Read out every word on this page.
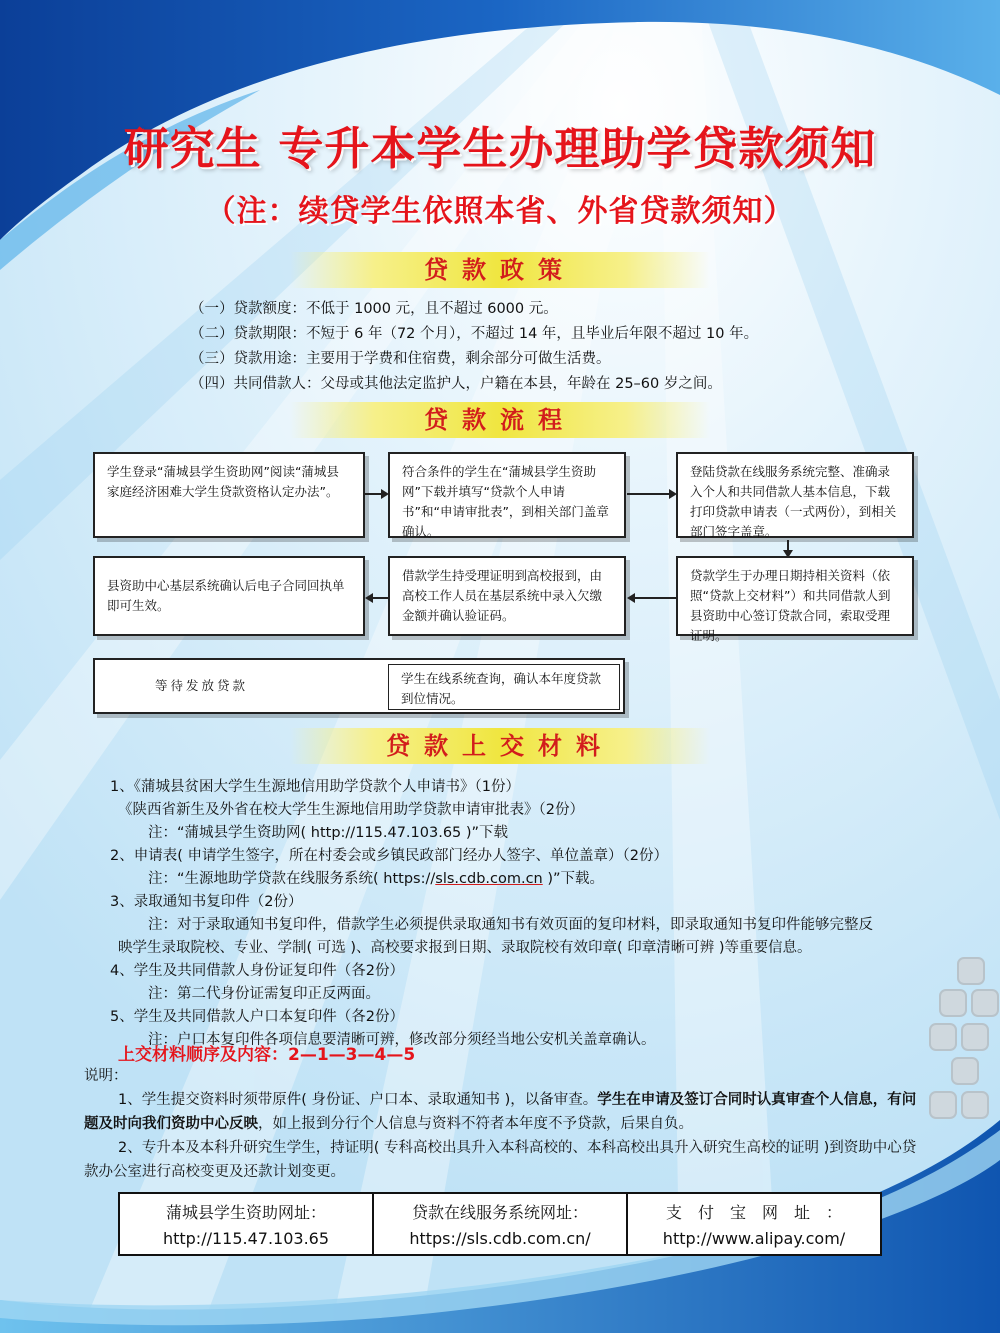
研究生 专升本学生办理助学贷款须知
（注：续贷学生依照本省、外省贷款须知）
贷款政策
（一）贷款额度：不低于 1000 元，且不超过 6000 元。
（二）贷款期限：不短于 6 年（72 个月），不超过 14 年，且毕业后年限不超过 10 年。
（三）贷款用途：主要用于学费和住宿费，剩余部分可做生活费。
（四）共同借款人：父母或其他法定监护人，户籍在本县，年龄在 25–60 岁之间。
贷款流程
学生登录“蒲城县学生资助网”阅读“蒲城县家庭经济困难大学生贷款资格认定办法”。
符合条件的学生在“蒲城县学生资助网”下载并填写“贷款个人申请书”和“申请审批表”，到相关部门盖章确认。
登陆贷款在线服务系统完整、准确录入个人和共同借款人基本信息，下载打印贷款申请表（一式两份），到相关部门签字盖章。
贷款学生于办理日期持相关资料（依照“贷款上交材料”）和共同借款人到县资助中心签订贷款合同，索取受理证明。
借款学生持受理证明到高校报到，由高校工作人员在基层系统中录入欠缴金额并确认验证码。
县资助中心基层系统确认后电子合同回执单即可生效。
等待发放贷款	学生在线系统查询，确认本年度贷款到位情况。
贷款上交材料
1、《蒲城县贫困大学生生源地信用助学贷款个人申请书》（1份）
《陕西省新生及外省在校大学生生源地信用助学贷款申请审批表》（2份）
注：“蒲城县学生资助网( http://115.47.103.65 )”下载
2、申请表( 申请学生签字，所在村委会或乡镇民政部门经办人签字、单位盖章）（2份）
注：“生源地助学贷款在线服务系统( https://sls.cdb.com.cn )”下载。
3、录取通知书复印件（2份）
注：对于录取通知书复印件，借款学生必须提供录取通知书有效页面的复印材料，即录取通知书复印件能够完整反
映学生录取院校、专业、学制( 可选 )、高校要求报到日期、录取院校有效印章( 印章清晰可辨 )等重要信息。
4、学生及共同借款人身份证复印件（各2份）
注：第二代身份证需复印正反两面。
5、学生及共同借款人户口本复印件（各2份）
注：户口本复印件各项信息要清晰可辨，修改部分须经当地公安机关盖章确认。
上交材料顺序及内容：2—1—3—4—5
说明：
1、学生提交资料时须带原件( 身份证、户口本、录取通知书 )，以备审查。学生在申请及签订合同时认真审查个人信息，有问题及时向我们资助中心反映，如上报到分行个人信息与资料不符者本年度不予贷款，后果自负。
2、专升本及本科升研究生学生，持证明( 专科高校出具升入本科高校的、本科高校出具升入研究生高校的证明 )到资助中心贷款办公室进行高校变更及还款计划变更。
蒲城县学生资助网址：
http://115.47.103.65
贷款在线服务系统网址：
https://sls.cdb.com.cn/
支　付　宝　网　址　：
http://www.alipay.com/
